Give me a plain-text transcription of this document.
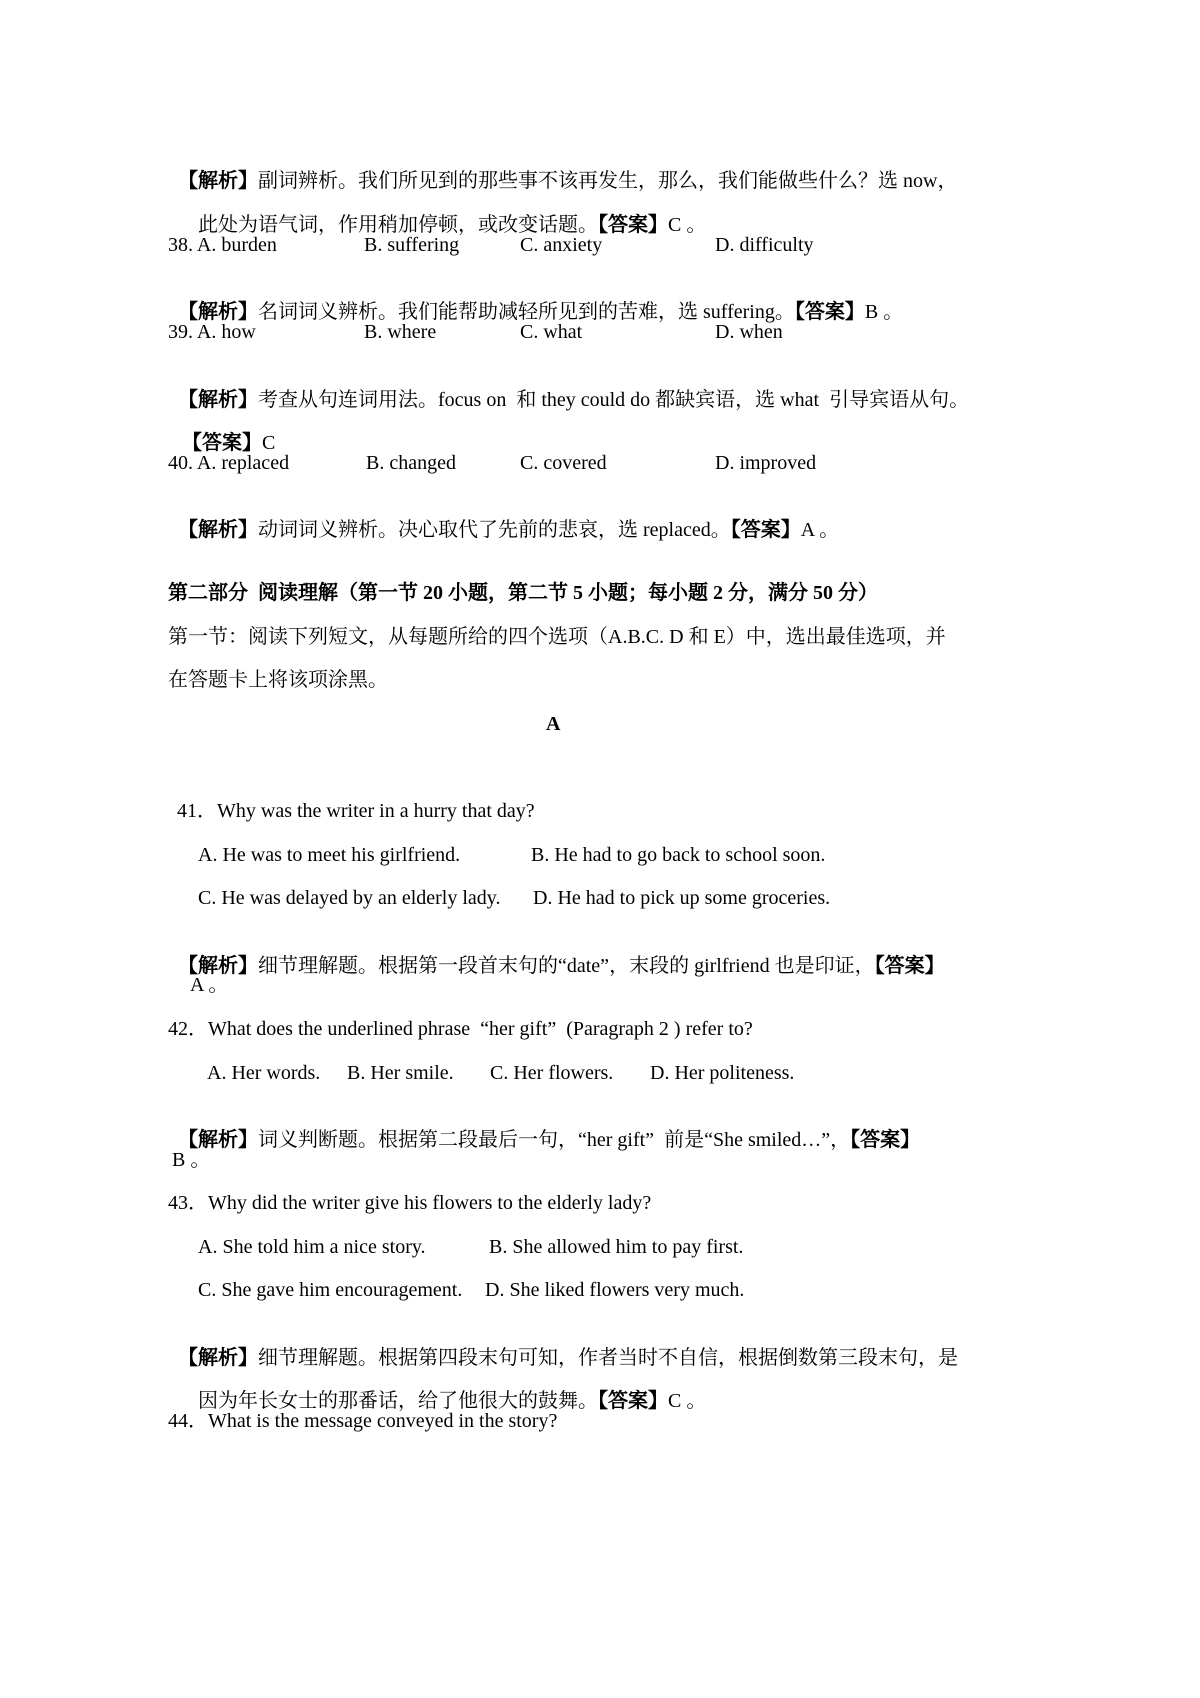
【解析】副词辨析。我们所见到的那些事不该再发生，那么，我们能做些什么？选 now，

此处为语气词，作用稍加停顿，或改变话题。【答案】C 。

38. A. burden	B. suffering	C. anxiety	D. difficulty

【解析】名词词义辨析。我们能帮助减轻所见到的苦难，选 suffering。【答案】B 。

39. A. how	B. where	C. what	D. when

【解析】考查从句连词用法。focus on  和 they could do 都缺宾语，选 what  引导宾语从句。

【答案】C

40. A. replaced	B. changed	C. covered	D. improved

【解析】动词词义辨析。决心取代了先前的悲哀，选 replaced。【答案】A 。

第二部分  阅读理解（第一节 20 小题，第二节 5 小题；每小题 2 分，满分 50 分）
第一节：阅读下列短文，从每题所给的四个选项（A.B.C. D 和 E）中，选出最佳选项，并
在答题卡上将该项涂黑。
A
41．Why was the writer in a hurry that day?
A. He was to meet his girlfriend.	B. He had to go back to school soon.
C. He was delayed by an elderly lady. D. He had to pick up some groceries.

【解析】细节理解题。根据第一段首末句的“date”，末段的 girlfriend 也是印证，【答案】

A 。
42．What does the underlined phrase  “her gift”  (Paragraph 2 ) refer to?
A. Her words. B. Her smile. C. Her flowers. D. Her politeness.

【解析】词义判断题。根据第二段最后一句，“her gift”  前是“She smiled…”，【答案】

B 。
43．Why did the writer give his flowers to the elderly lady?
A. She told him a nice story.	B. She allowed him to pay first.
C. She gave him encouragement. D. She liked flowers very much.

【解析】细节理解题。根据第四段末句可知，作者当时不自信，根据倒数第三段末句，是

因为年长女士的那番话，给了他很大的鼓舞。【答案】C 。

44．What is the message conveyed in the story?
